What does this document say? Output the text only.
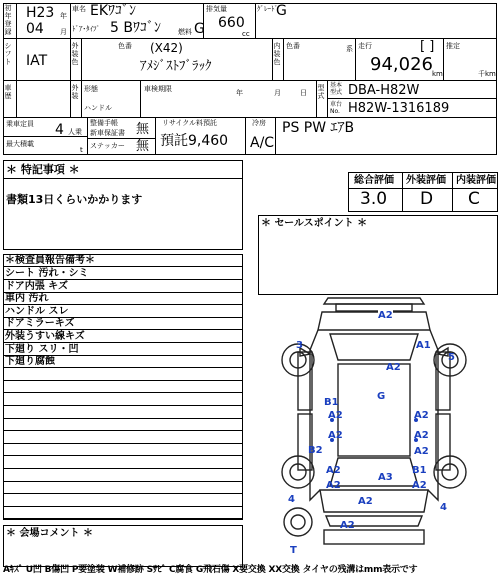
初年登録
H23 年
04 月
車名 EKﾜｺﾞﾝ
ﾄﾞｱ･ﾀｲﾌﾟ 5 Bﾜｺﾞﾝ 燃料 G
排気量
660
cc
ｸﾞﾚｰﾄﾞ
G
シフト IAT
外装色
色番 (X42)
ｱﾒｼﾞｽﾄﾌﾞﾗｯｸ
内装色
色番	系 走行	[ ]
94,026 km
推定
千km
車歴
外装
形態
ハンドル
車検期限	年	月	日
型式
基本型式 DBA-H82W
車台No. H82W-1316189
乗車定員 4 人乗
最大積載
t
整備手帳
新車保証書 無
ステッカー 無
リサイクル料預託
預託9,460
冷房
A/C
PS PW ｴｱB
＊ 特記事項 ＊
書類13日くらいかかります
総合評価 外装評価 内装評価
3.0 D C
＊ セールスポイント ＊
＊検査員報告備考＊
シート 汚れ・シミ
ドア内張 キズ
車内 汚れ
ハンドル スレ
ドアミラーキズ
外装うすい線キズ
下廻り スリ・凹
下廻り腐蝕
＊ 会場コメント ＊
A2
3	A1
A2
5
G
B1
A2	A2
B2
A2	A2
A2
A2	B1
A2
A3
A2
A2
4
A2
4
T
Aｷｽﾞ U凹 B傷凹 P要塗装 W補修跡 Sｻﾋﾞ C腐食 G飛石傷 X要交換 XX交換 タイヤの残溝はmm表示です
